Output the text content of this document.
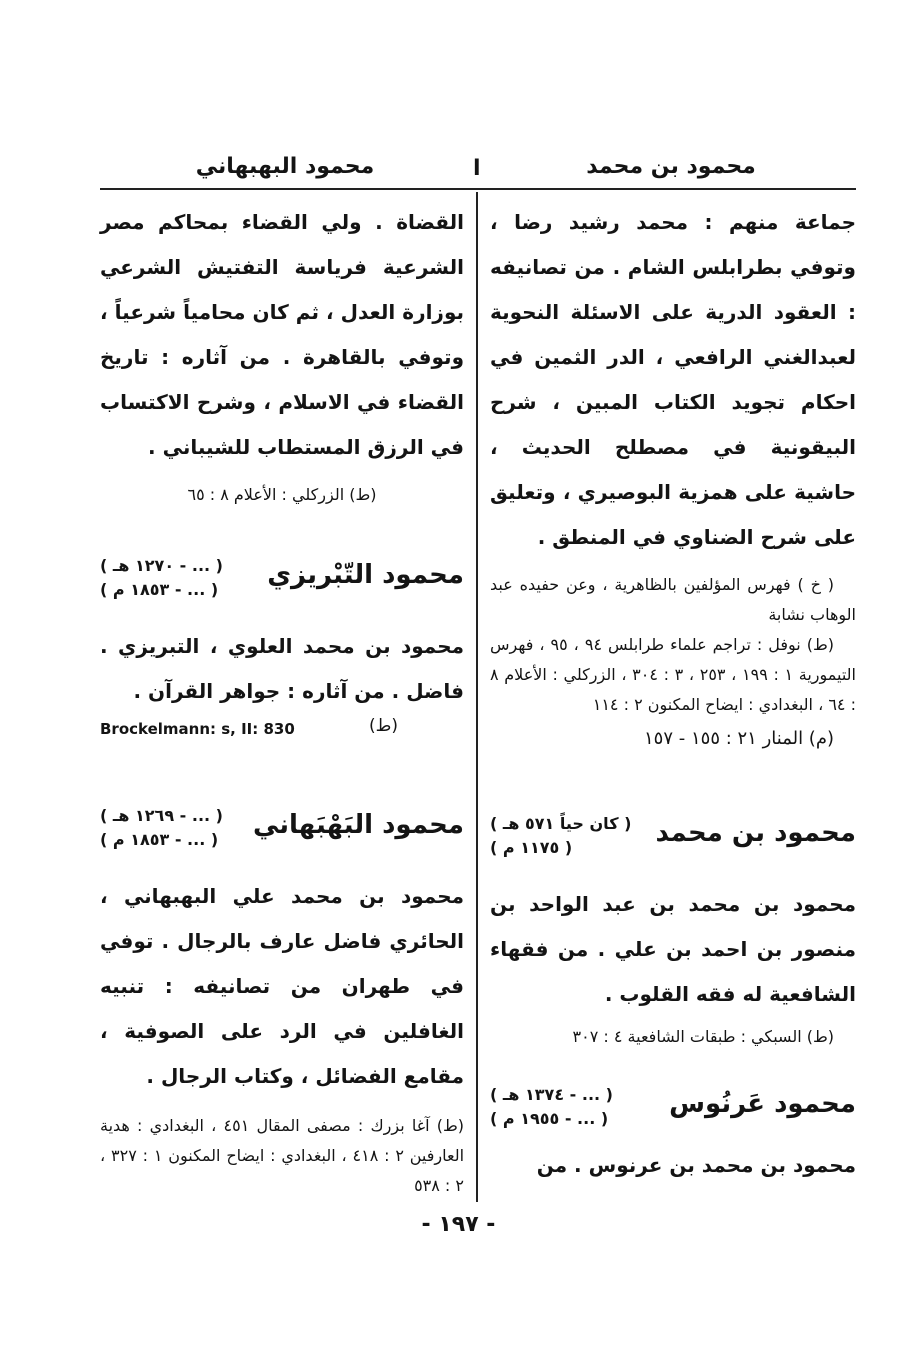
محمود بن محمد
ا
محمود البهبهاني

جماعة منهم : محمد رشيد رضا ، وتوفي بطرابلس الشام . من تصانيفه : العقود الدرية على الاسئلة النحوية لعبدالغني الرافعي ، الدر الثمين في احكام تجويد الكتاب المبين ، شرح البيقونية في مصطلح الحديث ، حاشية على همزية البوصيري ، وتعليق على شرح الضناوي في المنطق .

( خ ) فهرس المؤلفين بالظاهرية ، وعن حفيده عبد الوهاب نشابة

(ط) نوفل : تراجم علماء طرابلس ٩٤ ، ٩٥ ، فهرس التيمورية ١ : ١٩٩ ، ٢٥٣ ، ٣ : ٣٠٤ ، الزركلي : الأعلام ٨ : ٦٤ ، البغدادي : ايضاح المكنون ٢ : ١١٤

(م) المنار ٢١ : ١٥٥ - ١٥٧

محمود بن محمد
( كان حياً ٥٧١ هـ )
( ١١٧٥ م )

محمود بن محمد بن عبد الواحد بن منصور بن احمد بن علي . من فقهاء الشافعية له فقه القلوب .

(ط) السبكي : طبقات الشافعية ٤ : ٣٠٧

محمود عَرنُوس
( ... - ١٣٧٤ هـ )
( ... - ١٩٥٥ م )

محمود بن محمد بن عرنوس . من

القضاة . ولي القضاء بمحاكم مصر الشرعية فرياسة التفتيش الشرعي بوزارة العدل ، ثم كان محامياً شرعياً ، وتوفي بالقاهرة . من آثاره : تاريخ القضاء في الاسلام ، وشرح الاكتساب في الرزق المستطاب للشيباني .

(ط) الزركلي : الأعلام ٨ : ٦٥

محمود التّبْريزي
( ... - ١٢٧٠ هـ )
( ... - ١٨٥٣ م )

محمود بن محمد العلوي ، التبريزي . فاضل . من آثاره : جواهر القرآن .

(ط)
Brockelmann: s, II: 830
محمود البَهْبَهاني
( ... - ١٢٦٩ هـ )
( ... - ١٨٥٣ م )

محمود بن محمد علي البهبهاني ، الحائري فاضل عارف بالرجال . توفي في طهران من تصانيفه : تنبيه الغافلين في الرد على الصوفية ، مقامع الفضائل ، وكتاب الرجال .

(ط) آغا بزرك : مصفى المقال ٤٥١ ، البغدادي : هدية العارفين ٢ : ٤١٨ ، البغدادي : ايضاح المكنون ١ : ٣٢٧ ، ٢ : ٥٣٨

- ١٩٧ -
